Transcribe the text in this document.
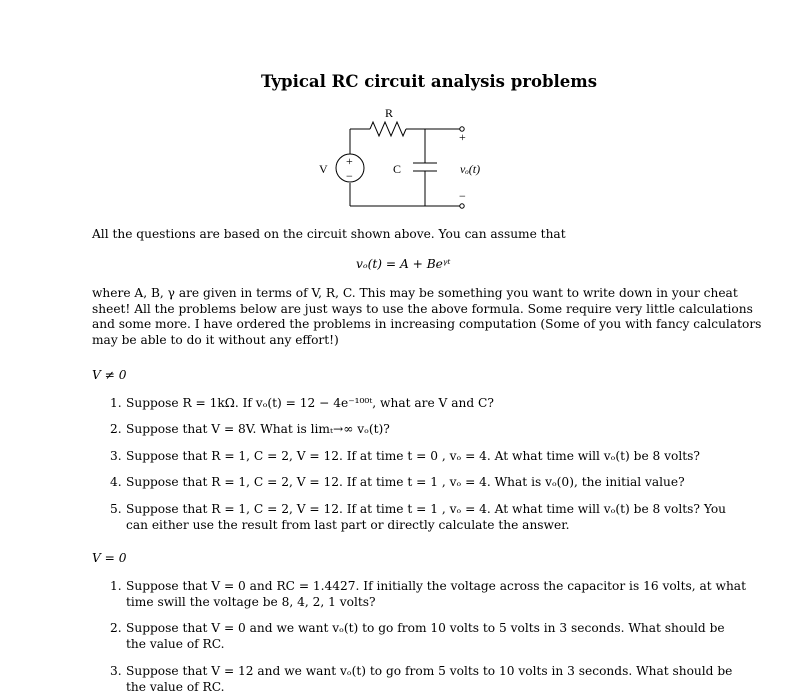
Typical RC circuit analysis problems
R
C
V
+
−
+
−
vₒ(t)
All the questions are based on the circuit shown above. You can assume that
vₒ(t) = A + Beᵞᵗ
where A, B, γ are given in terms of V, R, C. This may be something you want to write down in your cheat
sheet! All the problems below are just ways to use the above formula. Some require very little calculations
and some more. I have ordered the problems in increasing computation (Some of you with fancy calculators
may be able to do it without any effort!)
V ≠ 0
1. Suppose R = 1kΩ. If vₒ(t) = 12 − 4e⁻¹⁰⁰ᵗ, what are V and C?
2. Suppose that V = 8V. What is limₜ→∞ vₒ(t)?
3. Suppose that R = 1, C = 2, V = 12. If at time t = 0 , vₒ = 4. At what time will vₒ(t) be 8 volts?
4. Suppose that R = 1, C = 2, V = 12. If at time t = 1 , vₒ = 4. What is vₒ(0), the initial value?
5. Suppose that R = 1, C = 2, V = 12. If at time t = 1 , vₒ = 4. At what time will vₒ(t) be 8 volts? You
can either use the result from last part or directly calculate the answer.
V = 0
1. Suppose that V = 0 and RC = 1.4427. If initially the voltage across the capacitor is 16 volts, at what
time swill the voltage be 8, 4, 2, 1 volts?
2. Suppose that V = 0 and we want vₒ(t) to go from 10 volts to 5 volts in 3 seconds. What should be
the value of RC.
3. Suppose that V = 12 and we want vₒ(t) to go from 5 volts to 10 volts in 3 seconds. What should be
the value of RC.
